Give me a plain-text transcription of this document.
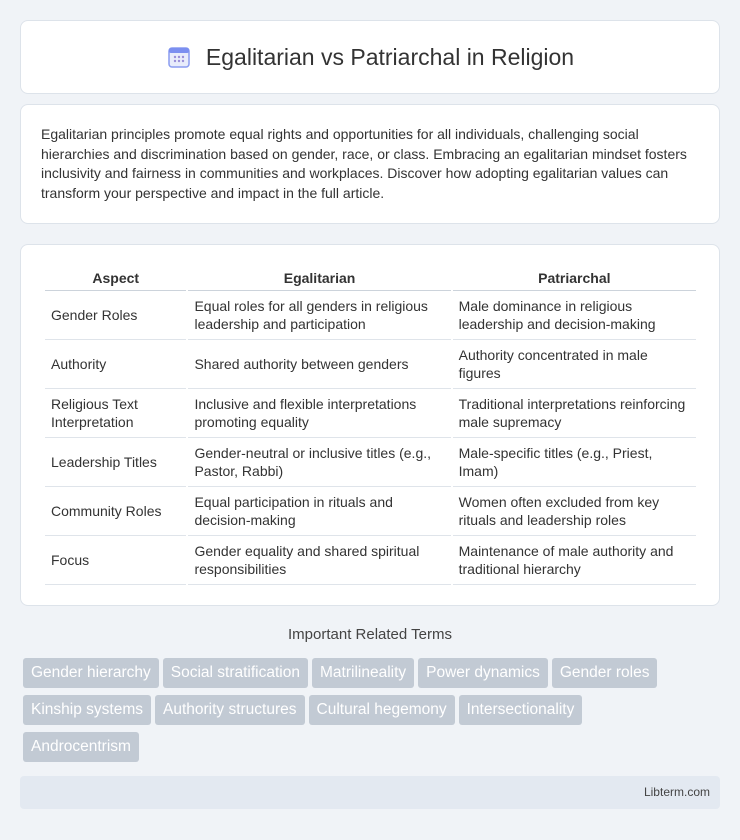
Egalitarian vs Patriarchal in Religion

Egalitarian principles promote equal rights and opportunities for all individuals, challenging social hierarchies and discrimination based on gender, race, or class. Embracing an egalitarian mindset fosters inclusivity and fairness in communities and workplaces. Discover how adopting egalitarian values can transform your perspective and impact in the full article.

Aspect	Egalitarian	Patriarchal
Gender Roles	Equal roles for all genders in religious leadership and participation	Male dominance in religious leadership and decision-making
Authority	Shared authority between genders	Authority concentrated in male figures
Religious Text Interpretation	Inclusive and flexible interpretations promoting equality	Traditional interpretations reinforcing male supremacy
Leadership Titles	Gender-neutral or inclusive titles (e.g., Pastor, Rabbi)	Male-specific titles (e.g., Priest, Imam)
Community Roles	Equal participation in rituals and decision-making	Women often excluded from key rituals and leadership roles
Focus	Gender equality and shared spiritual responsibilities	Maintenance of male authority and traditional hierarchy
Important Related Terms
Gender hierarchy Social stratification Matrilineality Power dynamics Gender roles
Kinship systems Authority structures Cultural hegemony Intersectionality
Androcentrism
Libterm.com
